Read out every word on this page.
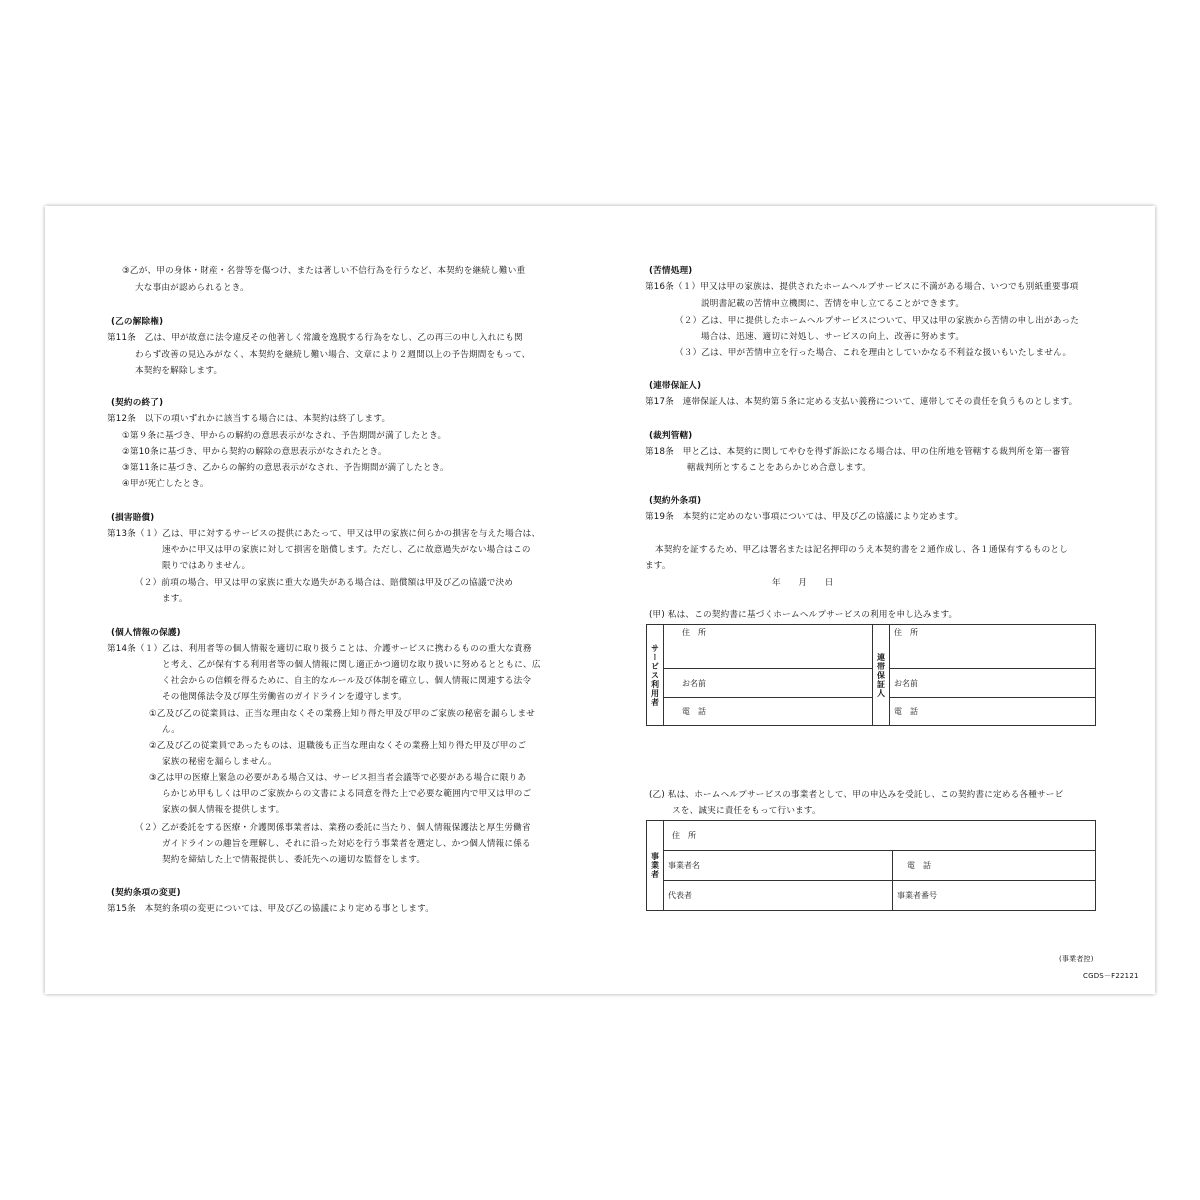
③乙が、甲の身体・財産・名誉等を傷つけ、または著しい不信行為を行うなど、本契約を継続し難い重
大な事由が認められるとき。
(乙の解除権)
第11条　乙は、甲が故意に法令違反その他著しく常識を逸脱する行為をなし、乙の再三の申し入れにも関
わらず改善の見込みがなく、本契約を継続し難い場合、文章により２週間以上の予告期間をもって、
本契約を解除します。
(契約の終了)
第12条　以下の項いずれかに該当する場合には、本契約は終了します。
①第９条に基づき、甲からの解約の意思表示がなされ、予告期間が満了したとき。
②第10条に基づき、甲から契約の解除の意思表示がなされたとき。
③第11条に基づき、乙からの解約の意思表示がなされ、予告期間が満了したとき。
④甲が死亡したとき。
(損害賠償)
第13条（１）乙は、甲に対するサービスの提供にあたって、甲又は甲の家族に何らかの損害を与えた場合は、
速やかに甲又は甲の家族に対して損害を賠償します。ただし、乙に故意過失がない場合はこの
限りではありません。
（２）前項の場合、甲又は甲の家族に重大な過失がある場合は、賠償額は甲及び乙の協議で決め
ます。
(個人情報の保護)
第14条（１）乙は、利用者等の個人情報を適切に取り扱うことは、介護サービスに携わるものの重大な責務
と考え、乙が保有する利用者等の個人情報に関し適正かつ適切な取り扱いに努めるとともに、広
く社会からの信頼を得るために、自主的なルール及び体制を確立し、個人情報に関連する法令
その他関係法令及び厚生労働省のガイドラインを遵守します。
①乙及び乙の従業員は、正当な理由なくその業務上知り得た甲及び甲のご家族の秘密を漏らしませ
ん。
②乙及び乙の従業員であったものは、退職後も正当な理由なくその業務上知り得た甲及び甲のご
家族の秘密を漏らしません。
③乙は甲の医療上緊急の必要がある場合又は、サービス担当者会議等で必要がある場合に限りあ
らかじめ甲もしくは甲のご家族からの文書による同意を得た上で必要な範囲内で甲又は甲のご
家族の個人情報を提供します。
（２）乙が委託をする医療・介護関係事業者は、業務の委託に当たり、個人情報保護法と厚生労働省
ガイドラインの趣旨を理解し、それに沿った対応を行う事業者を選定し、かつ個人情報に係る
契約を締結した上で情報提供し、委託先への適切な監督をします。
(契約条項の変更)
第15条　本契約条項の変更については、甲及び乙の協議により定める事とします。
(苦情処理)
第16条（１）甲又は甲の家族は、提供されたホームヘルプサービスに不満がある場合、いつでも別紙重要事項
説明書記載の苦情申立機関に、苦情を申し立てることができます。
（２）乙は、甲に提供したホームヘルプサービスについて、甲又は甲の家族から苦情の申し出があった
場合は、迅速、適切に対処し、サービスの向上、改善に努めます。
（３）乙は、甲が苦情申立を行った場合、これを理由としていかなる不利益な扱いもいたしません。
(連帯保証人)
第17条　連帯保証人は、本契約第５条に定める支払い義務について、連帯してその責任を負うものとします。
(裁判管轄)
第18条　甲と乙は、本契約に関してやむを得ず訴訟になる場合は、甲の住所地を管轄する裁判所を第一審管
轄裁判所とすることをあらかじめ合意します。
(契約外条項)
第19条　本契約に定めのない事項については、甲及び乙の協議により定めます。
本契約を証するため、甲乙は署名または記名押印のうえ本契約書を２通作成し、各１通保有するものとし
ます。
年　　月　　日
(甲) 私は、この契約書に基づくホームヘルプサービスの利用を申し込みます。
サービス利用者	住　所	連帯保証人	住　所
	お名前		お名前
	電　話		電　話
(乙) 私は、ホームヘルプサービスの事業者として、甲の申込みを受託し、この契約書に定める各種サービ
スを、誠実に責任をもって行います。
事業者	住　所	
	事業者名	電　話
	代表者	事業者番号
(事業者控)
CGDS－F22121
